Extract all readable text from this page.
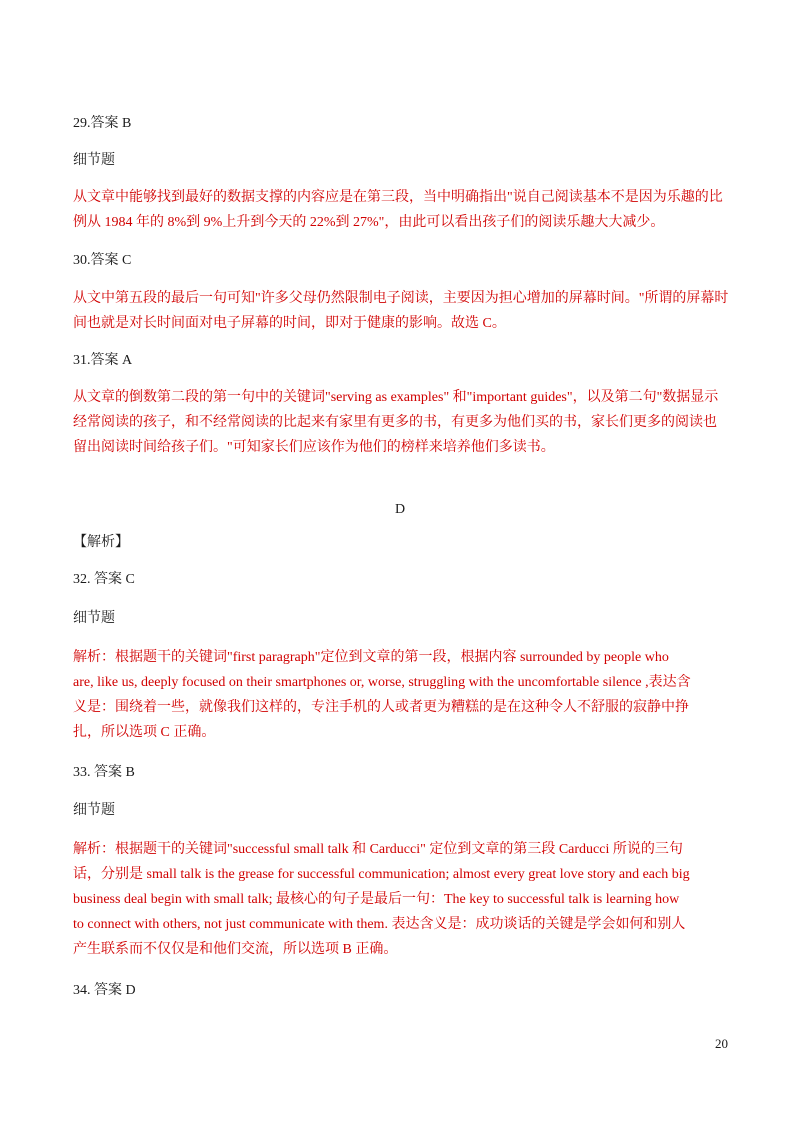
29.答案 B
细节题
从文章中能够找到最好的数据支撑的内容应是在第三段，当中明确指出"说自己阅读基本不是因为乐趣的比
例从 1984 年的 8%到 9%上升到今天的 22%到 27%"，由此可以看出孩子们的阅读乐趣大大减少。
30.答案 C
从文中第五段的最后一句可知"许多父母仍然限制电子阅读，主要因为担心增加的屏幕时间。"所谓的屏幕时
间也就是对长时间面对电子屏幕的时间，即对于健康的影响。故选 C。
31.答案 A
从文章的倒数第二段的第一句中的关键词"serving as examples" 和"important guides"，以及第二句"数据显示
经常阅读的孩子，和不经常阅读的比起来有家里有更多的书，有更多为他们买的书，家长们更多的阅读也
留出阅读时间给孩子们。"可知家长们应该作为他们的榜样来培养他们多读书。
D
【解析】
32. 答案 C
细节题
解析：根据题干的关键词"first paragraph"定位到文章的第一段，根据内容 surrounded by people who
are, like us, deeply focused on their smartphones or, worse, struggling with the uncomfortable silence ,表达含
义是：围绕着一些，就像我们这样的，专注手机的人或者更为糟糕的是在这种令人不舒服的寂静中挣
扎，所以选项 C 正确。
33. 答案 B
细节题
解析：根据题干的关键词"successful small talk 和 Carducci" 定位到文章的第三段 Carducci 所说的三句
话，分别是 small talk is the grease for successful communication; almost every great love story and each big
business deal begin with small talk; 最核心的句子是最后一句：The key to successful talk is learning how
to connect with others, not just communicate with them. 表达含义是：成功谈话的关键是学会如何和别人
产生联系而不仅仅是和他们交流，所以选项 B 正确。
34. 答案 D
20
